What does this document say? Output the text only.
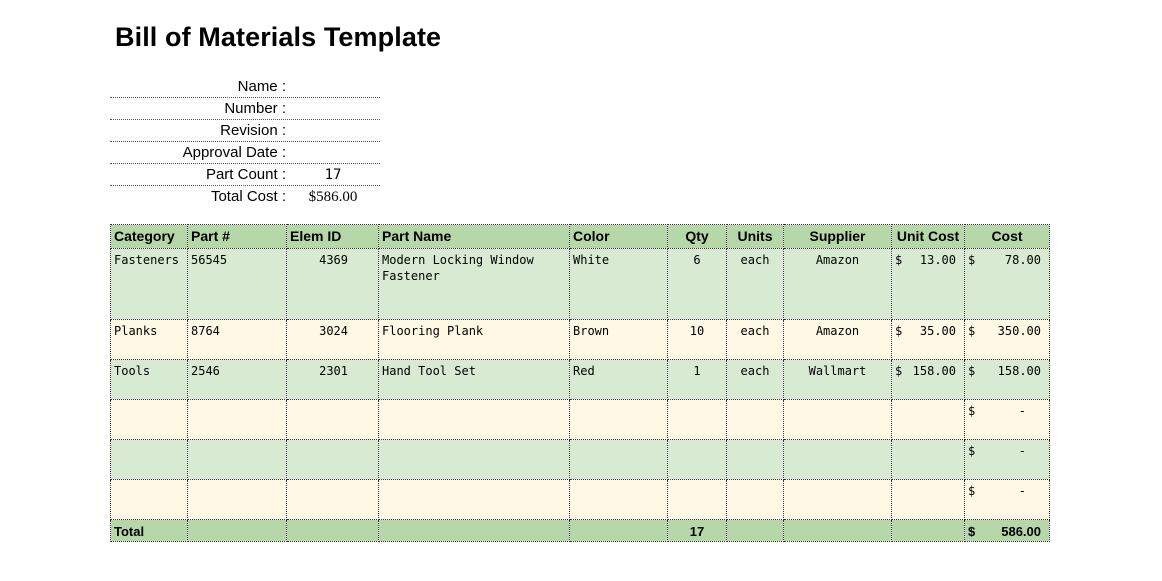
Bill of Materials Template
Name :
Number :
Revision :
Approval Date :
Part Count :	17
Total Cost :	$586.00
Category	Part #	Elem ID	Part Name	Color	Qty	Units	Supplier	Unit Cost	Cost
Fasteners	56545	4369	Modern Locking Window Fastener	White	6	each	Amazon	$ 13.00	$ 78.00

Planks	8764	3024	Flooring Plank	Brown	10	each	Amazon	$ 35.00	$ 350.00

Tools	2546	2301	Hand Tool Set	Red	1	each	Wallmart	$ 158.00	$ 158.00

									$ -

									$ -

									$ -

Total					17				$ 586.00
